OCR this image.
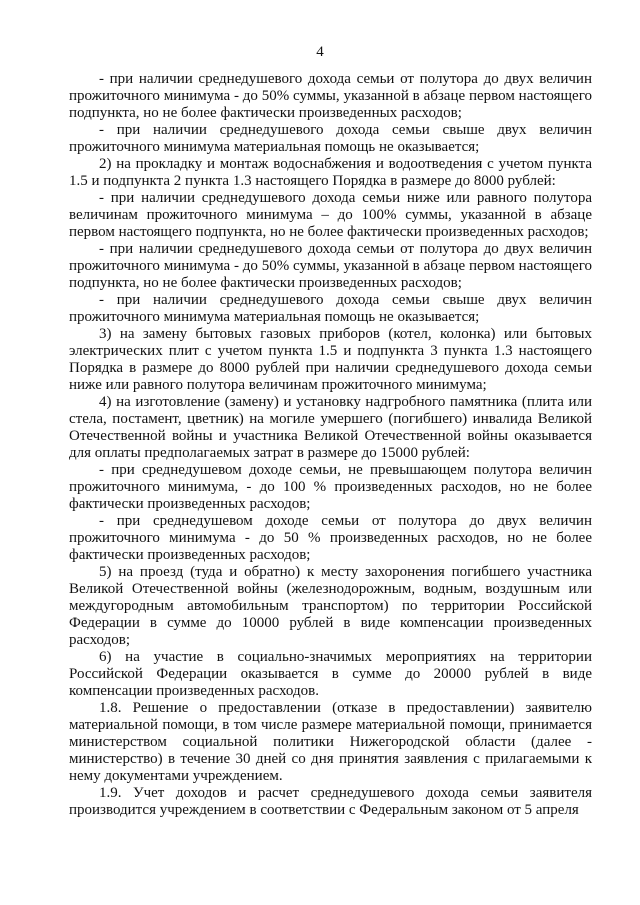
4

- при наличии среднедушевого дохода семьи от полутора до двух величин прожиточного минимума - до 50% суммы, указанной в абзаце первом настоящего подпункта, но не более фактически произведенных расходов;

- при наличии среднедушевого дохода семьи свыше двух величин прожиточного минимума материальная помощь не оказывается;

2) на прокладку и монтаж водоснабжения и водоотведения с учетом пункта 1.5 и подпункта 2 пункта 1.3 настоящего Порядка в размере до 8000 рублей:

- при наличии среднедушевого дохода семьи ниже или равного полутора величинам прожиточного минимума – до 100% суммы, указанной в абзаце первом настоящего подпункта, но не более фактически произведенных расходов;

- при наличии среднедушевого дохода семьи от полутора до двух величин прожиточного минимума - до 50% суммы, указанной в абзаце первом настоящего подпункта, но не более фактически произведенных расходов;

- при наличии среднедушевого дохода семьи свыше двух величин прожиточного минимума материальная помощь не оказывается;

3) на замену бытовых газовых приборов (котел, колонка) или бытовых электрических плит с учетом пункта 1.5 и подпункта 3 пункта 1.3 настоящего Порядка в размере до 8000 рублей при наличии среднедушевого дохода семьи ниже или равного полутора величинам прожиточного минимума;

4) на изготовление (замену) и установку надгробного памятника (плита или стела, постамент, цветник) на могиле умершего (погибшего) инвалида Великой Отечественной войны и участника Великой Отечественной войны оказывается для оплаты предполагаемых затрат в размере до 15000 рублей:

- при среднедушевом доходе семьи, не превышающем полутора величин прожиточного минимума, - до 100 % произведенных расходов, но не более фактически произведенных расходов;

- при среднедушевом доходе семьи от полутора до двух величин прожиточного минимума - до 50 % произведенных расходов, но не более фактически произведенных расходов;

5) на проезд (туда и обратно) к месту захоронения погибшего участника Великой Отечественной войны (железнодорожным, водным, воздушным или междугородным автомобильным транспортом) по территории Российской Федерации в сумме до 10000 рублей в виде компенсации произведенных расходов;

6) на участие в социально-значимых мероприятиях на территории Российской Федерации оказывается в сумме до 20000 рублей в виде компенсации произведенных расходов.

1.8. Решение о предоставлении (отказе в предоставлении) заявителю материальной помощи, в том числе размере материальной помощи, принимается министерством социальной политики Нижегородской области (далее - министерство) в течение 30 дней со дня принятия заявления с прилагаемыми к нему документами учреждением.

1.9. Учет доходов и расчет среднедушевого дохода семьи заявителя производится учреждением в соответствии с Федеральным законом от 5 апреля
